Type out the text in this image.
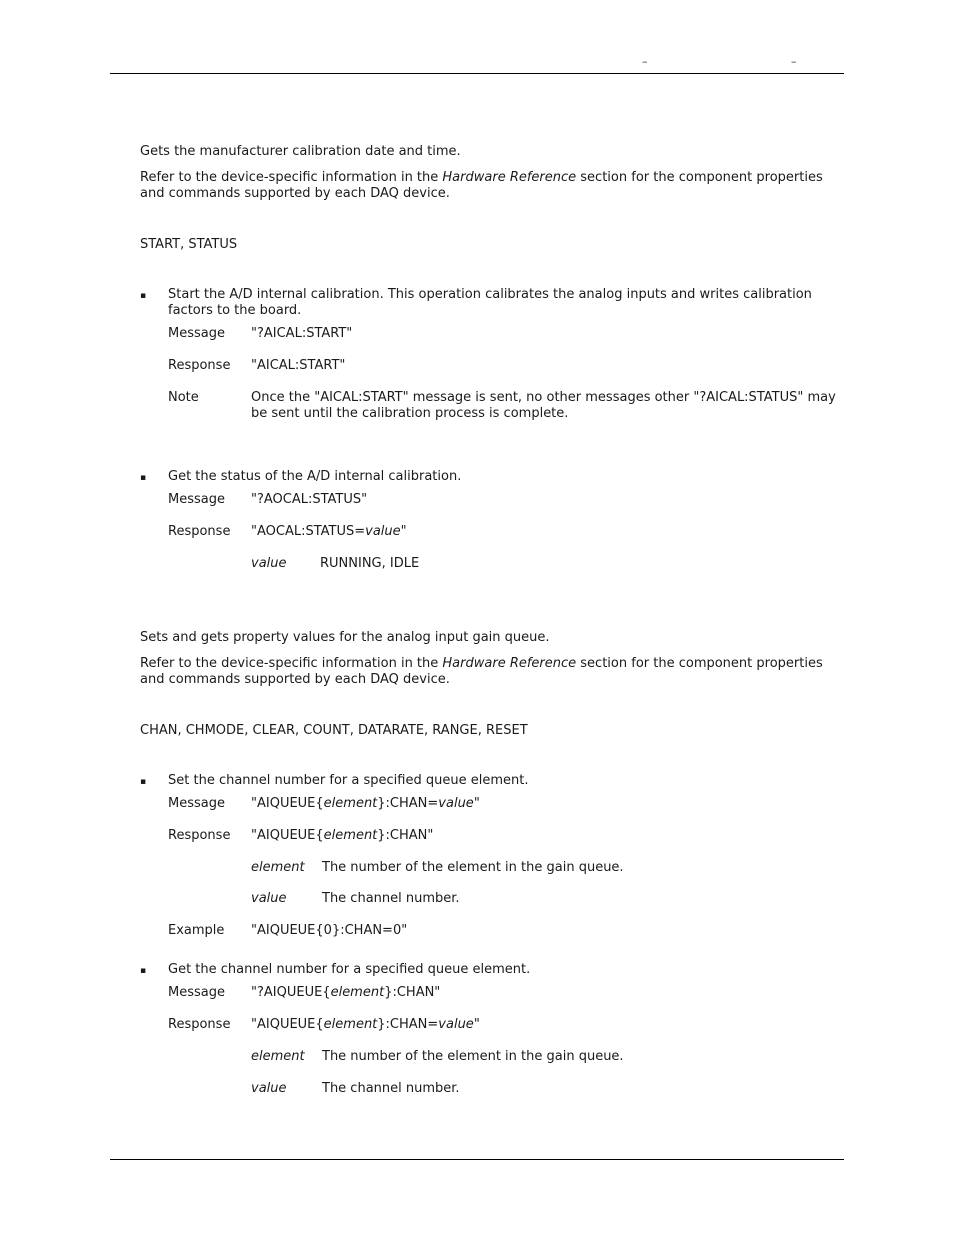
–	–
Gets the manufacturer calibration date and time.
Refer to the device-specific information in the Hardware Reference section for the component properties and commands supported by each DAQ device.
START, STATUS
▪ Start the A/D internal calibration. This operation calibrates the analog inputs and writes calibration factors to the board.
Message "?AICAL:START"
Response "AICAL:START"
Note	Once the "AICAL:START" message is sent, no other messages other "?AICAL:STATUS" may be sent until the calibration process is complete.
▪ Get the status of the A/D internal calibration.
Message "?AOCAL:STATUS"
Response "AOCAL:STATUS=value"
value	RUNNING, IDLE
Sets and gets property values for the analog input gain queue.
Refer to the device-specific information in the Hardware Reference section for the component properties and commands supported by each DAQ device.
CHAN, CHMODE, CLEAR, COUNT, DATARATE, RANGE, RESET
▪ Set the channel number for a specified queue element.
Message "AIQUEUE{element}:CHAN=value"
Response "AIQUEUE{element}:CHAN"
element The number of the element in the gain queue.
value	The channel number.
Example "AIQUEUE{0}:CHAN=0"
▪ Get the channel number for a specified queue element.
Message "?AIQUEUE{element}:CHAN"
Response "AIQUEUE{element}:CHAN=value"
element The number of the element in the gain queue.
value	The channel number.
